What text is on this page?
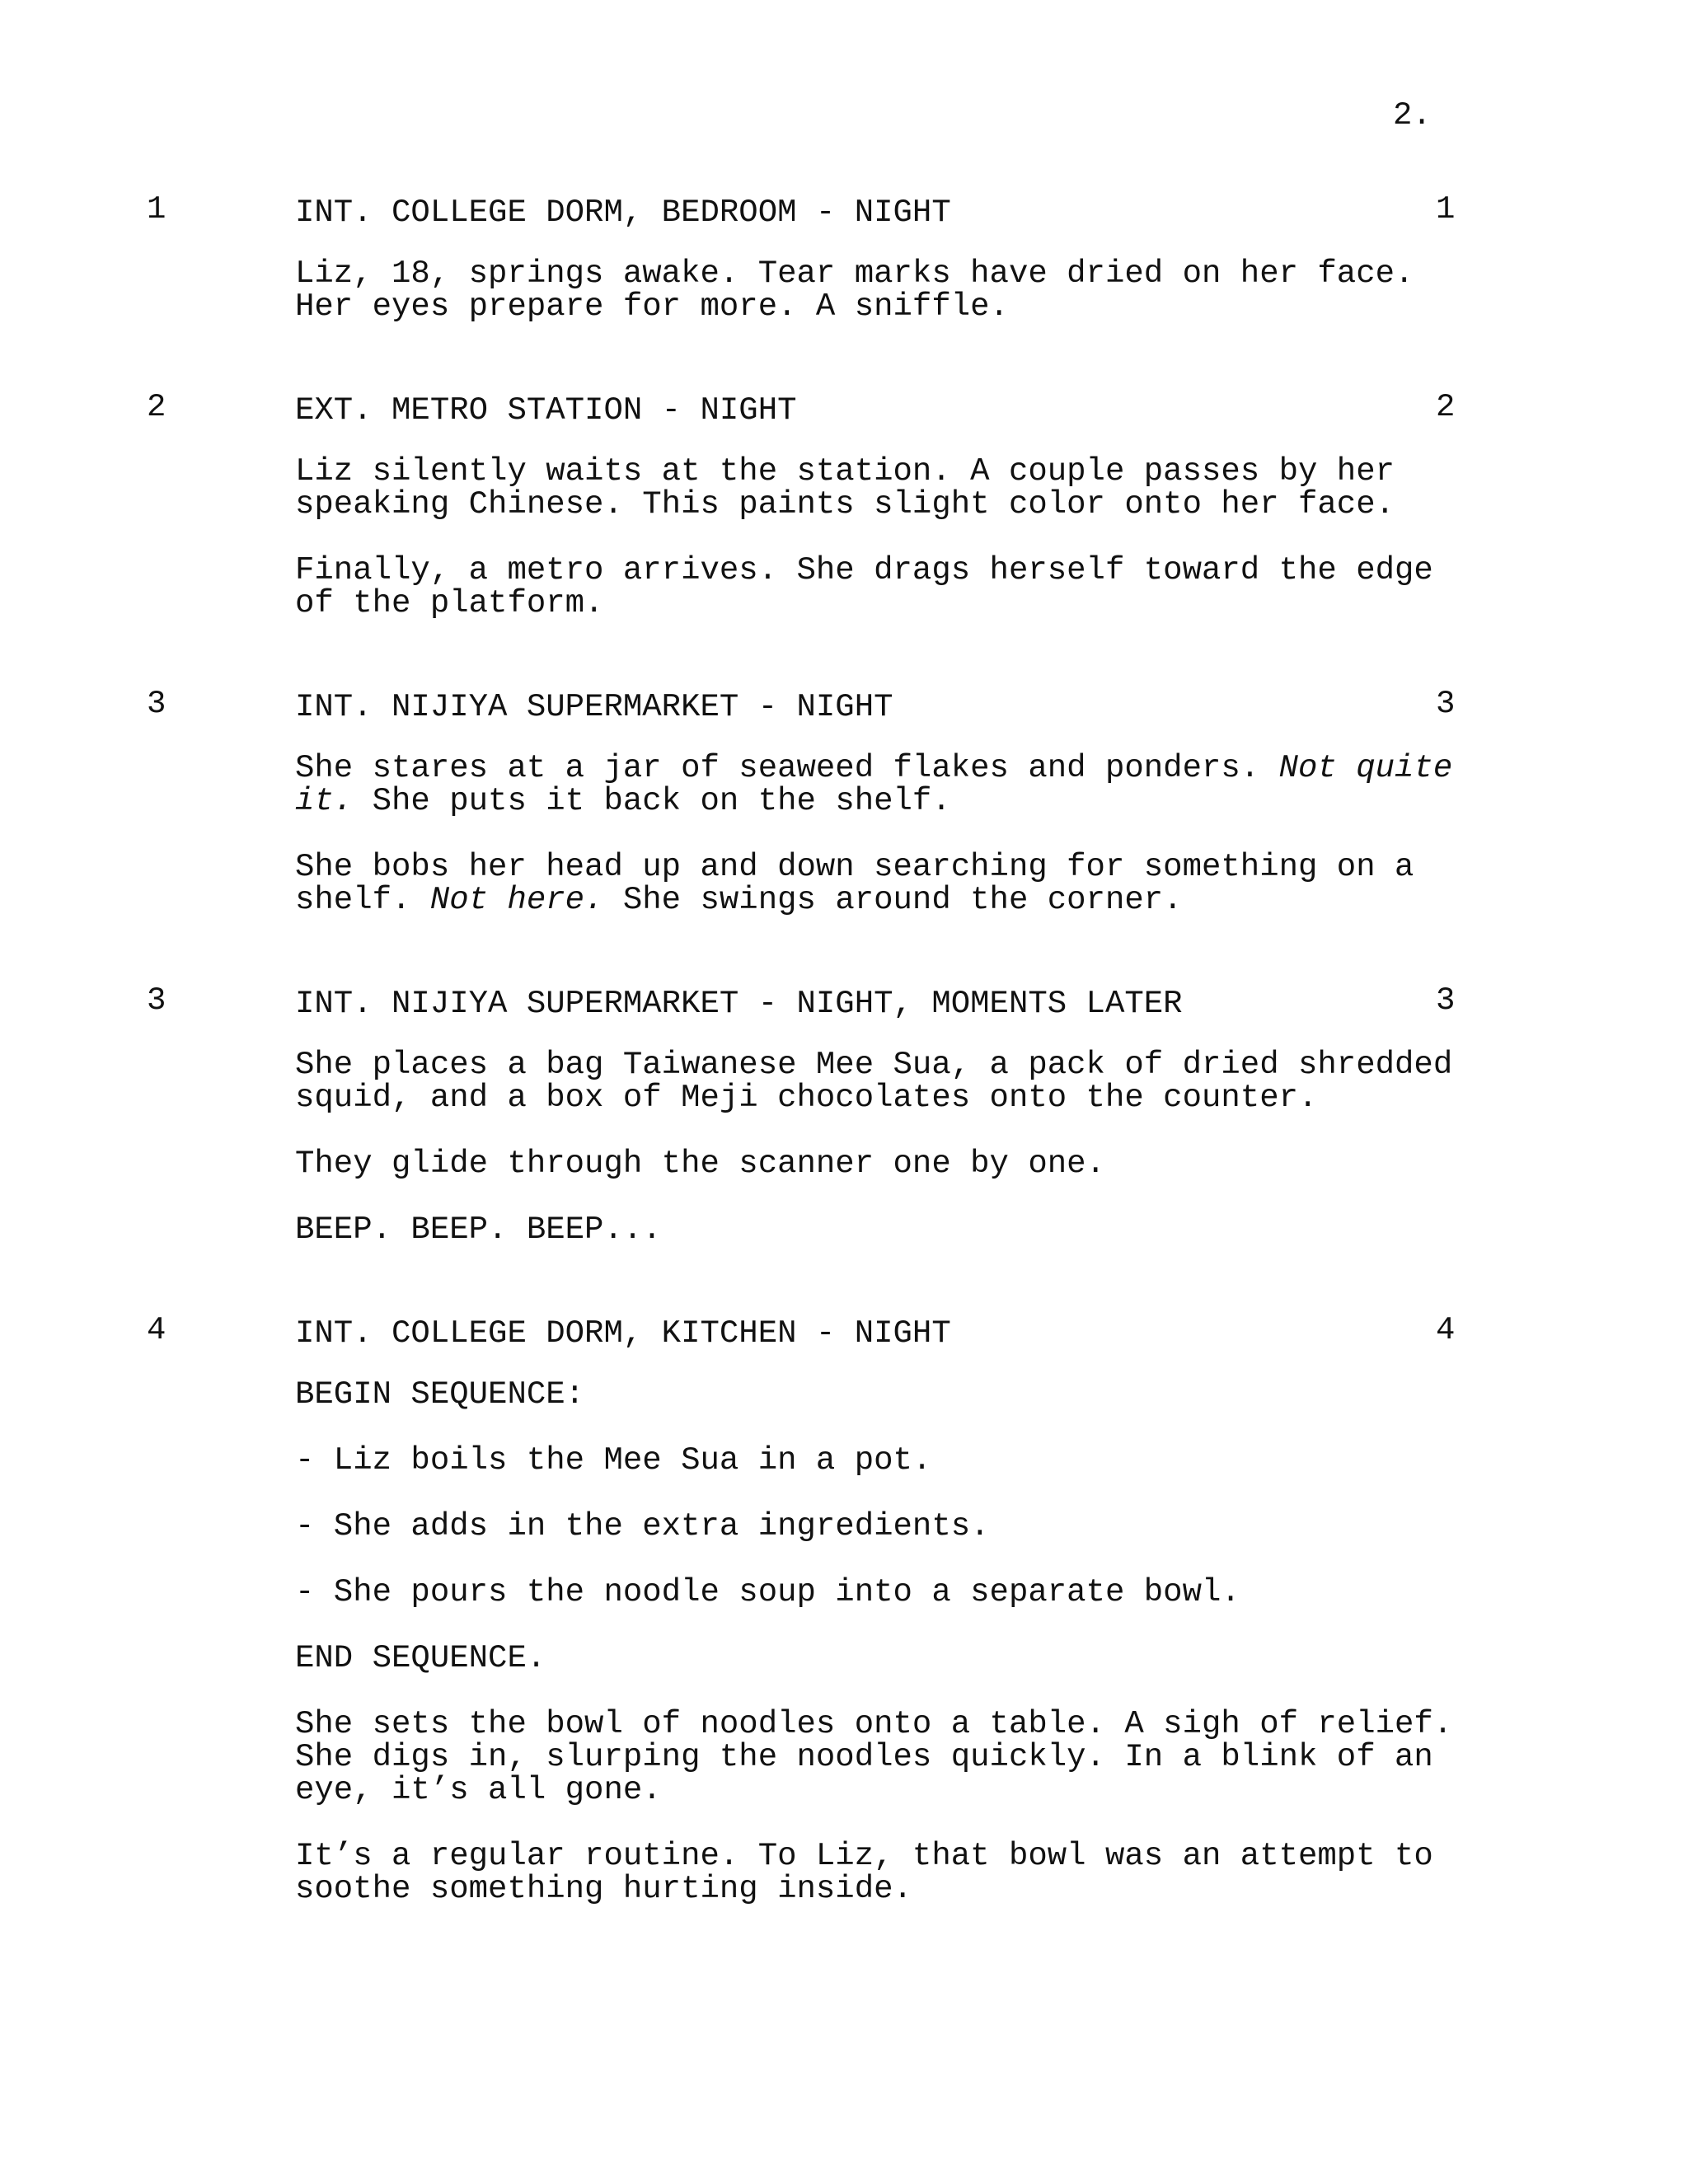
2.
1	INT. COLLEGE DORM, BEDROOM - NIGHT	1
Liz, 18, springs awake. Tear marks have dried on her face.
Her eyes prepare for more. A sniffle.
2	EXT. METRO STATION - NIGHT	2
Liz silently waits at the station. A couple passes by her
speaking Chinese. This paints slight color onto her face.
Finally, a metro arrives. She drags herself toward the edge
of the platform.
3	INT. NIJIYA SUPERMARKET - NIGHT	3
She stares at a jar of seaweed flakes and ponders. Not quite
it. She puts it back on the shelf.
She bobs her head up and down searching for something on a
shelf. Not here. She swings around the corner.
3	INT. NIJIYA SUPERMARKET - NIGHT, MOMENTS LATER	3
She places a bag Taiwanese Mee Sua, a pack of dried shredded
squid, and a box of Meji chocolates onto the counter.
They glide through the scanner one by one.
BEEP. BEEP. BEEP...
4	INT. COLLEGE DORM, KITCHEN - NIGHT	4
BEGIN SEQUENCE:
- Liz boils the Mee Sua in a pot.
- She adds in the extra ingredients.
- She pours the noodle soup into a separate bowl.
END SEQUENCE.
She sets the bowl of noodles onto a table. A sigh of relief.
She digs in, slurping the noodles quickly. In a blink of an
eye, it’s all gone.
It’s a regular routine. To Liz, that bowl was an attempt to
soothe something hurting inside.
